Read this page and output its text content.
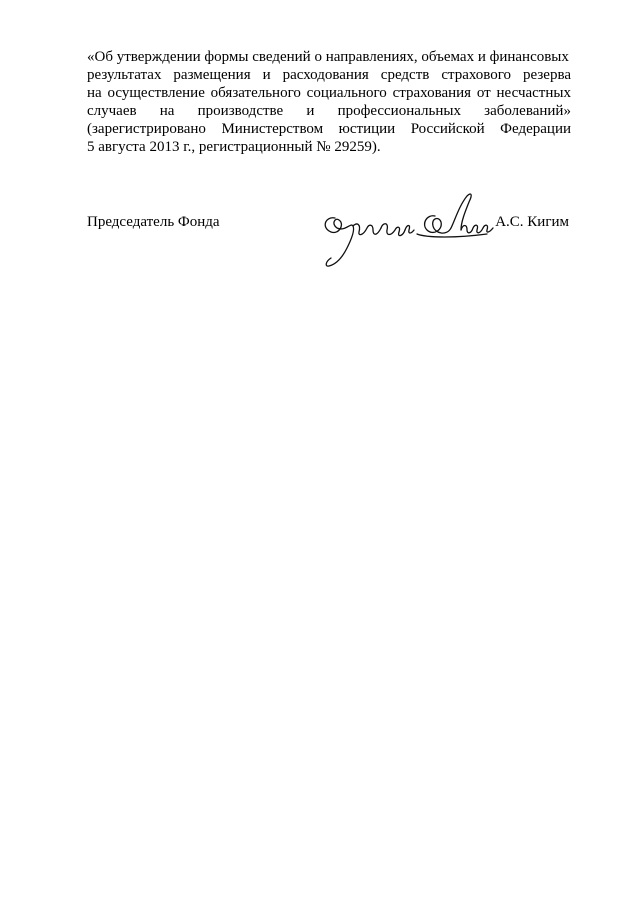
«Об утверждении формы сведений о направлениях, объемах и финансовых
результатах размещения и расходования средств страхового резерва
на осуществление обязательного социального страхования от несчастных
случаев на производстве и профессиональных заболеваний»
(зарегистрировано Министерством юстиции Российской Федерации
5 августа 2013 г., регистрационный № 29259).
Председатель Фонда	А.С. Кигим
